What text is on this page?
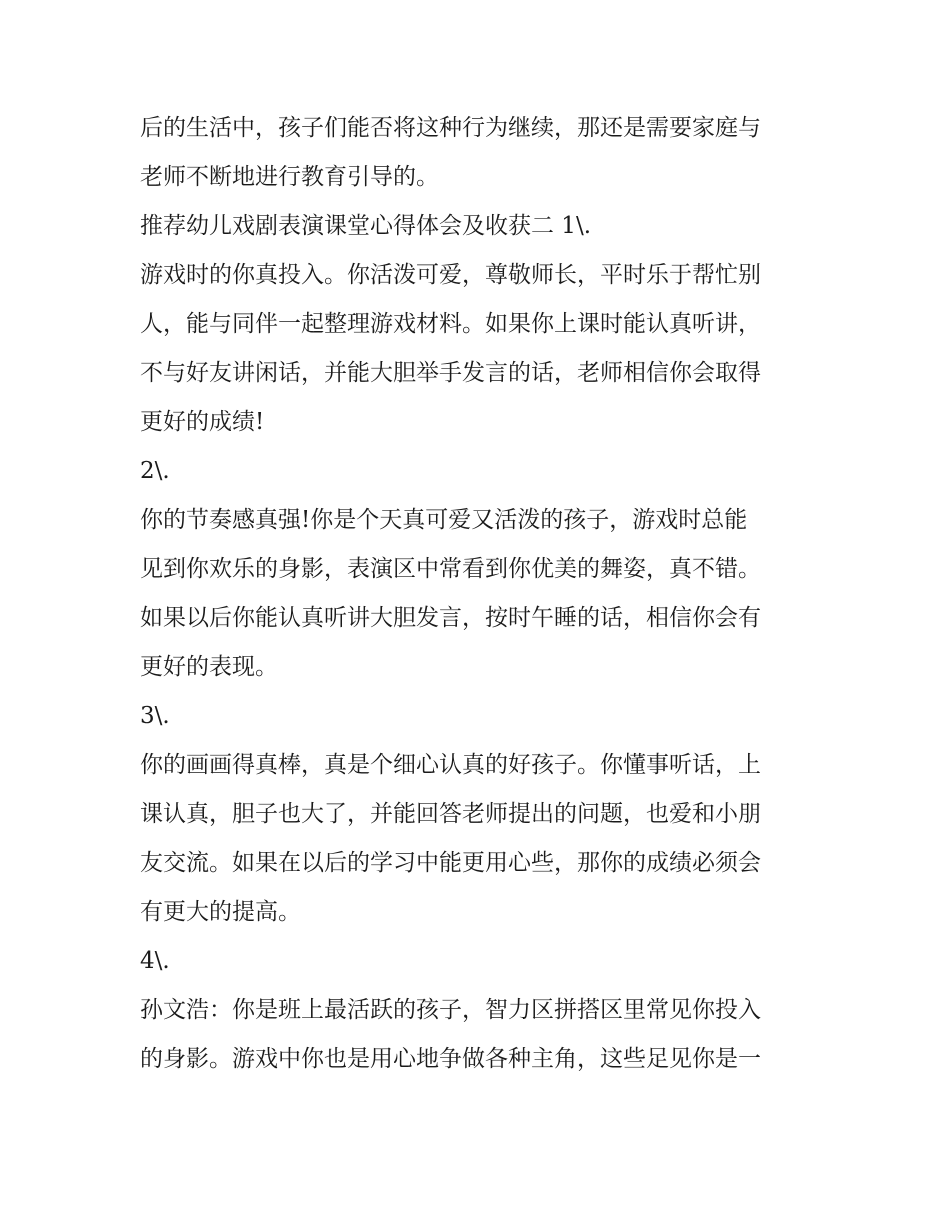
后的生活中，孩子们能否将这种行为继续，那还是需要家庭与
老师不断地进行教育引导的。
推荐幼儿戏剧表演课堂心得体会及收获二 1\.
游戏时的你真投入。你活泼可爱，尊敬师长，平时乐于帮忙别
人，能与同伴一起整理游戏材料。如果你上课时能认真听讲，
不与好友讲闲话，并能大胆举手发言的话，老师相信你会取得
更好的成绩!
2\.
你的节奏感真强!你是个天真可爱又活泼的孩子，游戏时总能
见到你欢乐的身影，表演区中常看到你优美的舞姿，真不错。
如果以后你能认真听讲大胆发言，按时午睡的话，相信你会有
更好的表现。
3\.
你的画画得真棒，真是个细心认真的好孩子。你懂事听话，上
课认真，胆子也大了，并能回答老师提出的问题，也爱和小朋
友交流。如果在以后的学习中能更用心些，那你的成绩必须会
有更大的提高。
4\.
孙文浩：你是班上最活跃的孩子，智力区拼搭区里常见你投入
的身影。游戏中你也是用心地争做各种主角，这些足见你是一
